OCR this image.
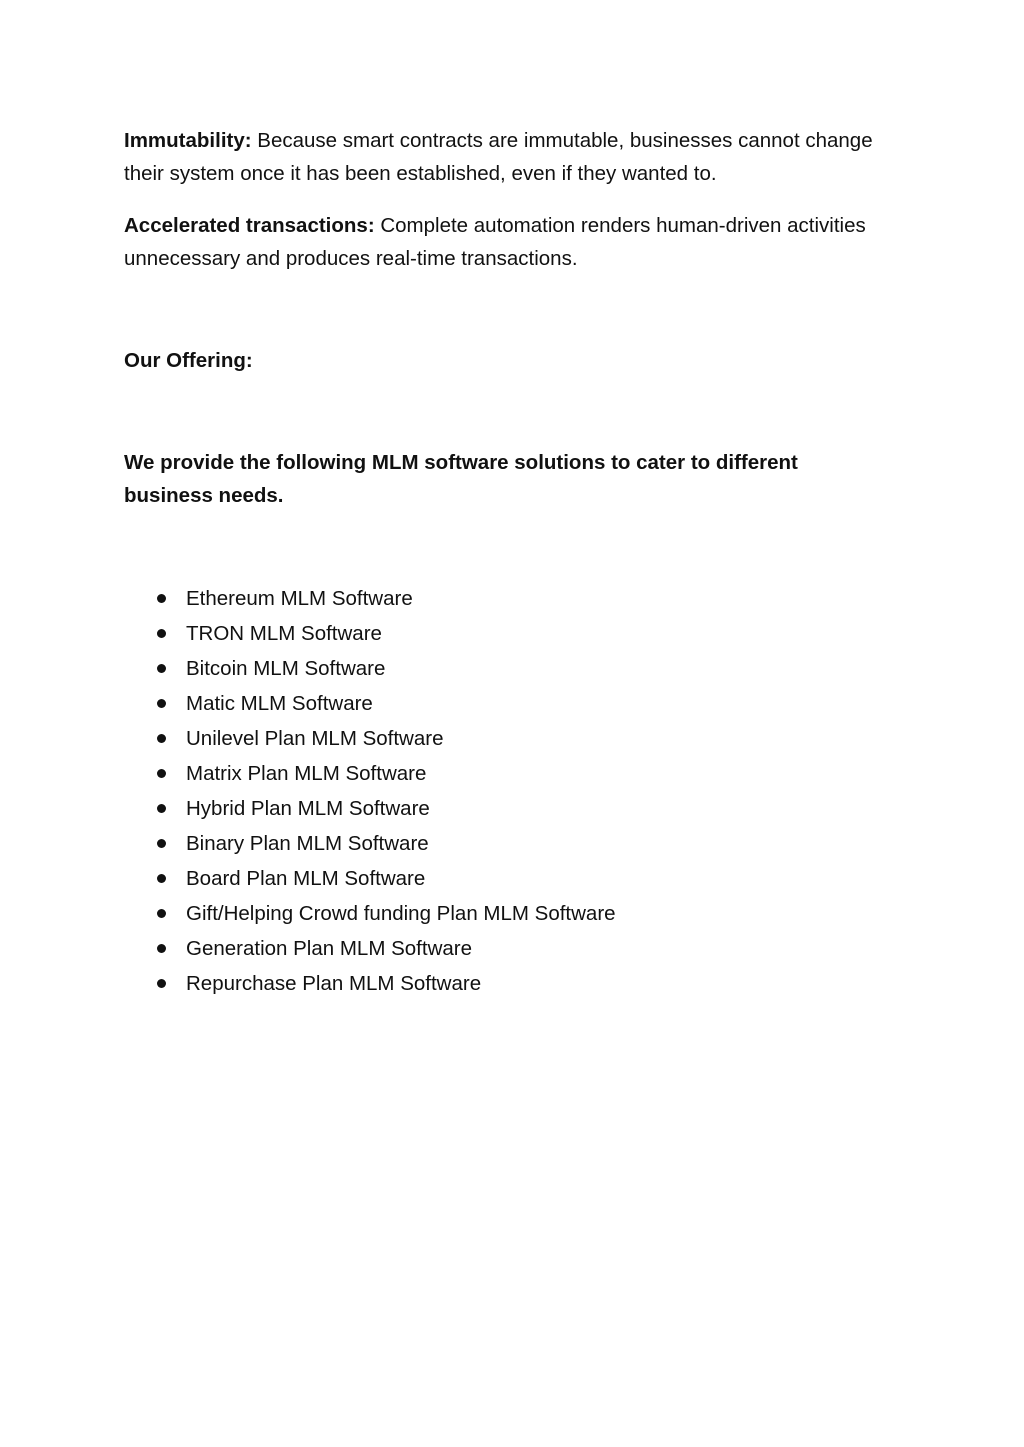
Immutability: Because smart contracts are immutable, businesses cannot change their system once it has been established, even if they wanted to.

Accelerated transactions: Complete automation renders human-driven activities unnecessary and produces real-time transactions.

Our Offering:

We provide the following MLM software solutions to cater to different business needs.

Ethereum MLM Software
TRON MLM Software
Bitcoin MLM Software
Matic MLM Software
Unilevel Plan MLM Software
Matrix Plan MLM Software
Hybrid Plan MLM Software
Binary Plan MLM Software
Board Plan MLM Software
Gift/Helping Crowd funding Plan MLM Software
Generation Plan MLM Software
Repurchase Plan MLM Software
